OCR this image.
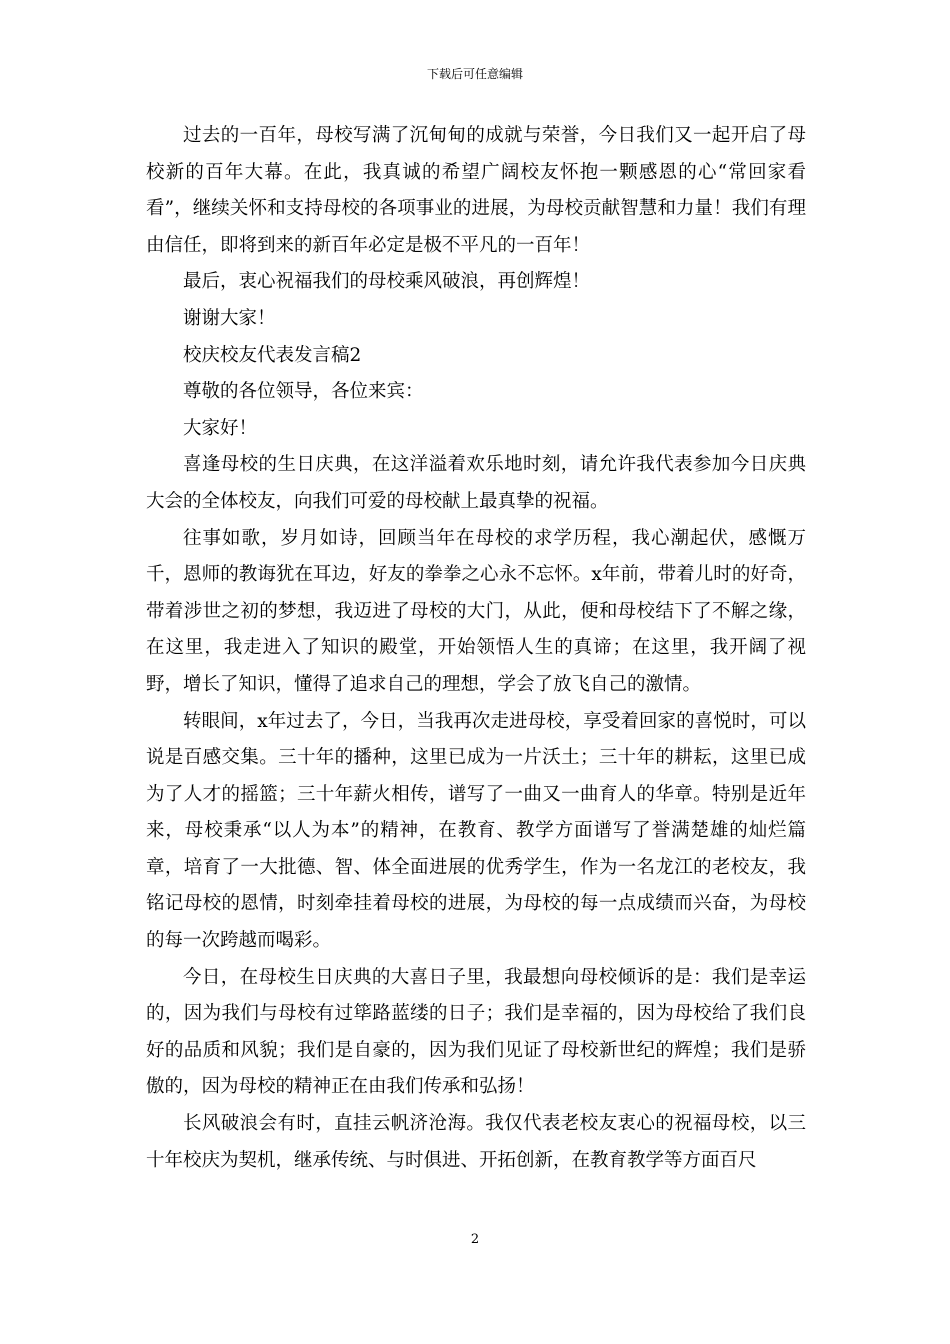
下载后可任意编辑

过去的一百年，母校写满了沉甸甸的成就与荣誉，今日我们又一起开启了母校新的百年大幕。在此，我真诚的希望广阔校友怀抱一颗感恩的心“常回家看看”，继续关怀和支持母校的各项事业的进展，为母校贡献智慧和力量！我们有理由信任，即将到来的新百年必定是极不平凡的一百年！

最后，衷心祝福我们的母校乘风破浪，再创辉煌！

谢谢大家！

校庆校友代表发言稿2

尊敬的各位领导，各位来宾：

大家好！

喜逢母校的生日庆典，在这洋溢着欢乐地时刻，请允许我代表参加今日庆典大会的全体校友，向我们可爱的母校献上最真挚的祝福。

往事如歌，岁月如诗，回顾当年在母校的求学历程，我心潮起伏，感慨万千，恩师的教诲犹在耳边，好友的拳拳之心永不忘怀。x年前，带着儿时的好奇，带着涉世之初的梦想，我迈进了母校的大门，从此，便和母校结下了不解之缘，在这里，我走进入了知识的殿堂，开始领悟人生的真谛；在这里，我开阔了视野，增长了知识，懂得了追求自己的理想，学会了放飞自己的激情。

转眼间，x年过去了，今日，当我再次走进母校，享受着回家的喜悦时，可以说是百感交集。三十年的播种，这里已成为一片沃土；三十年的耕耘，这里已成为了人才的摇篮；三十年薪火相传，谱写了一曲又一曲育人的华章。特别是近年来，母校秉承“以人为本”的精神，在教育、教学方面谱写了誉满楚雄的灿烂篇章，培育了一大批德、智、体全面进展的优秀学生，作为一名龙江的老校友，我铭记母校的恩情，时刻牵挂着母校的进展，为母校的每一点成绩而兴奋，为母校的每一次跨越而喝彩。

今日，在母校生日庆典的大喜日子里，我最想向母校倾诉的是：我们是幸运的，因为我们与母校有过筚路蓝缕的日子；我们是幸福的，因为母校给了我们良好的品质和风貌；我们是自豪的，因为我们见证了母校新世纪的辉煌；我们是骄傲的，因为母校的精神正在由我们传承和弘扬！

长风破浪会有时，直挂云帆济沧海。我仅代表老校友衷心的祝福母校，以三十年校庆为契机，继承传统、与时俱进、开拓创新，在教育教学等方面百尺

2
